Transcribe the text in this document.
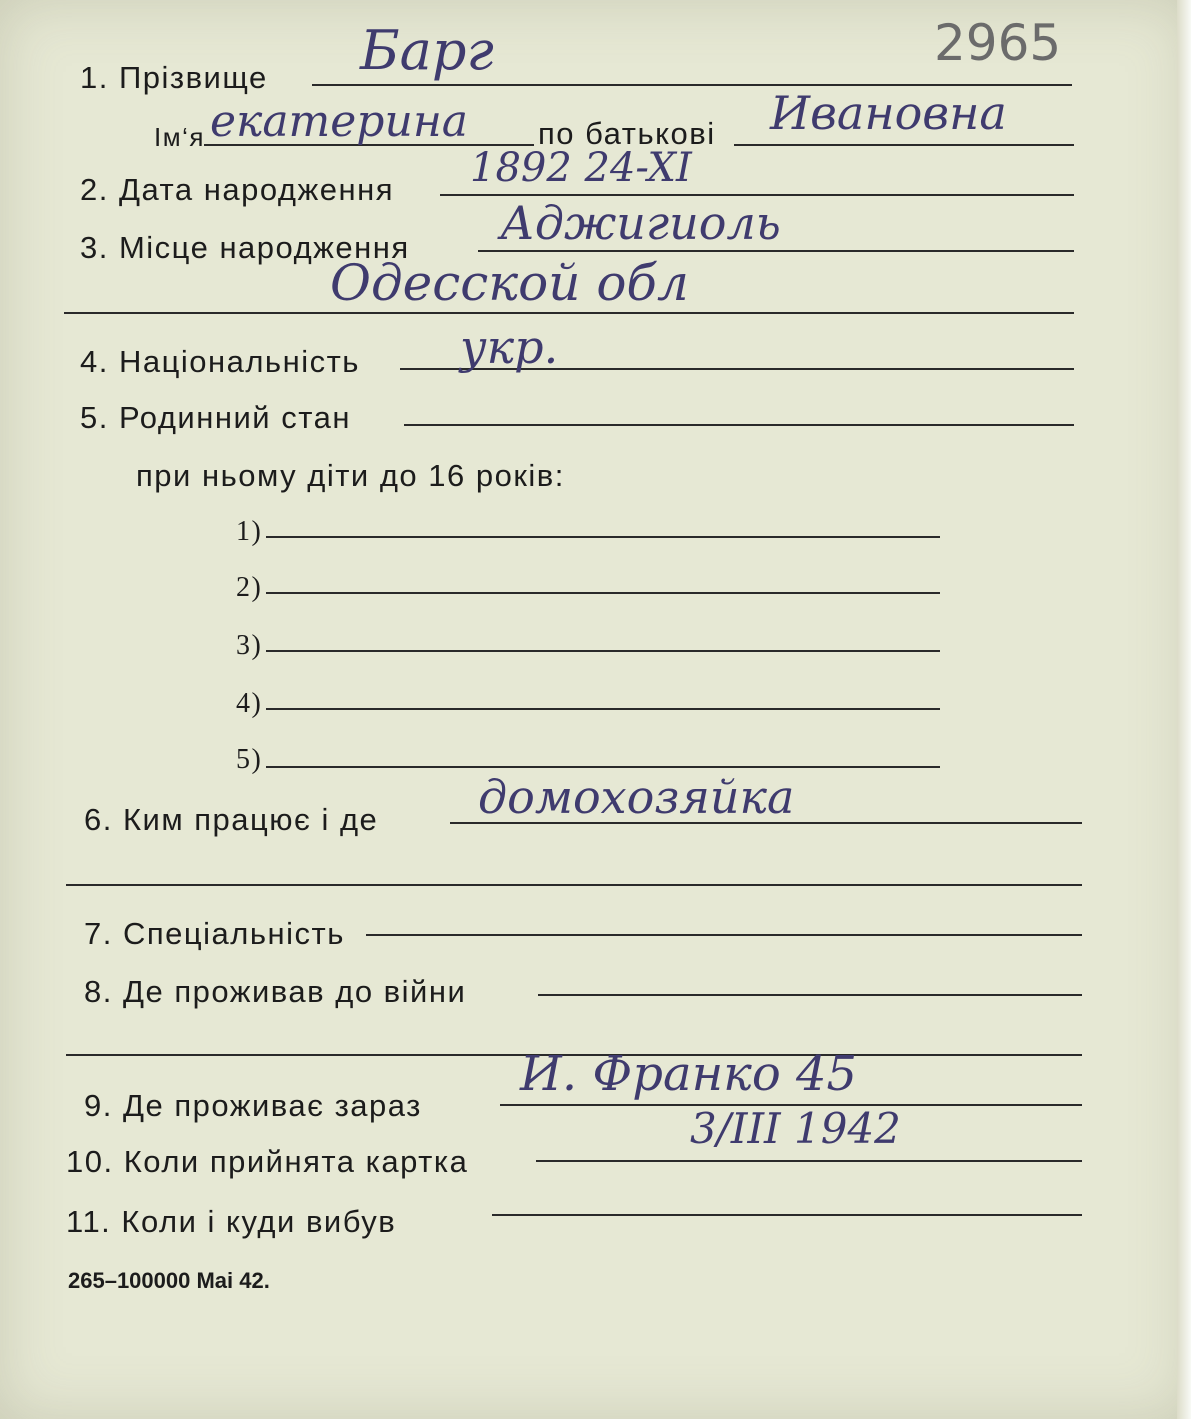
2965
1. Прізвище Барг
Ім‘я екатерина по батькові Ивановна
2. Дата народження 1892 24-XI
3. Місце народження Аджигиоль
Одесской обл
4. Національність укр.
5. Родинний стан
при ньому діти до 16 років:
1)
2)
3)
4)
5)
6. Ким працює і де домохозяйка
7. Спеціальність
8. Де проживав до війни
9. Де проживає зараз
И. Франко 45
10. Коли прийнята картка
3/III 1942
11. Коли і куди вибув
265–100000 Mai 42.
